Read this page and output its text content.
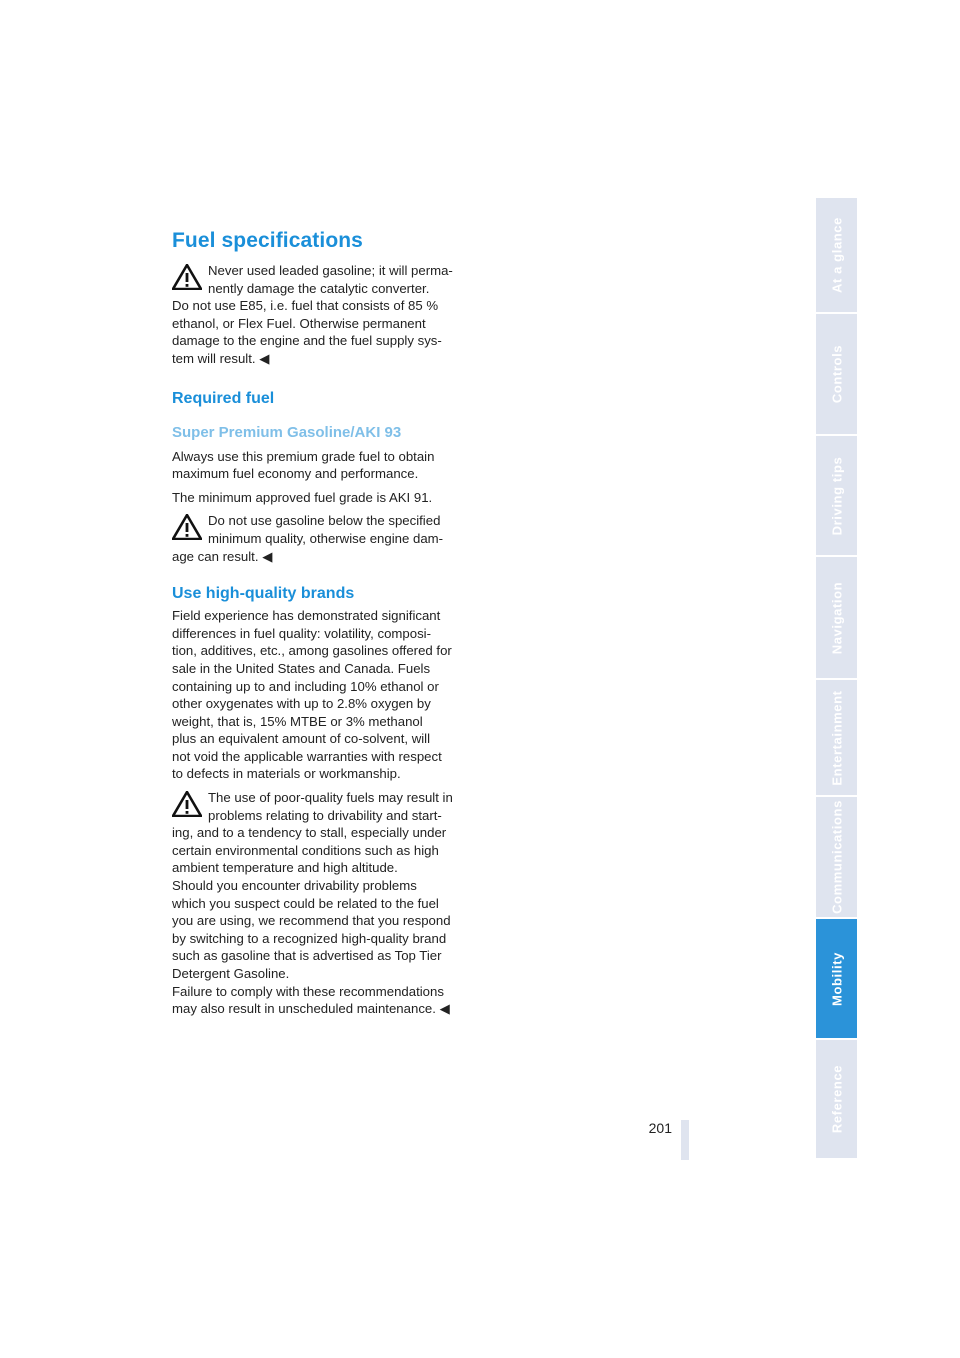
Fuel specifications

Never used leaded gasoline; it will perma-

nently damage the catalytic converter.

Do not use E85, i.e. fuel that consists of 85 %

ethanol, or Flex Fuel. Otherwise permanent

damage to the engine and the fuel supply sys-

tem will result. ◀

Required fuel
Super Premium Gasoline/AKI 93

Always use this premium grade fuel to obtain

maximum fuel economy and performance.

The minimum approved fuel grade is AKI 91.

Do not use gasoline below the specified

minimum quality, otherwise engine dam-

age can result. ◀

Use high-quality brands

Field experience has demonstrated significant

differences in fuel quality: volatility, composi-

tion, additives, etc., among gasolines offered for

sale in the United States and Canada. Fuels

containing up to and including 10% ethanol or

other oxygenates with up to 2.8% oxygen by

weight, that is, 15% MTBE or 3% methanol

plus an equivalent amount of co-solvent, will

not void the applicable warranties with respect

to defects in materials or workmanship.

The use of poor-quality fuels may result in

problems relating to drivability and start-

ing, and to a tendency to stall, especially under

certain environmental conditions such as high

ambient temperature and high altitude.

Should you encounter drivability problems

which you suspect could be related to the fuel

you are using, we recommend that you respond

by switching to a recognized high-quality brand

such as gasoline that is advertised as Top Tier

Detergent Gasoline.

Failure to comply with these recommendations

may also result in unscheduled maintenance. ◀

At a glance
Controls
Driving tips
Navigation
Entertainment
Communications
Mobility
Reference
201
